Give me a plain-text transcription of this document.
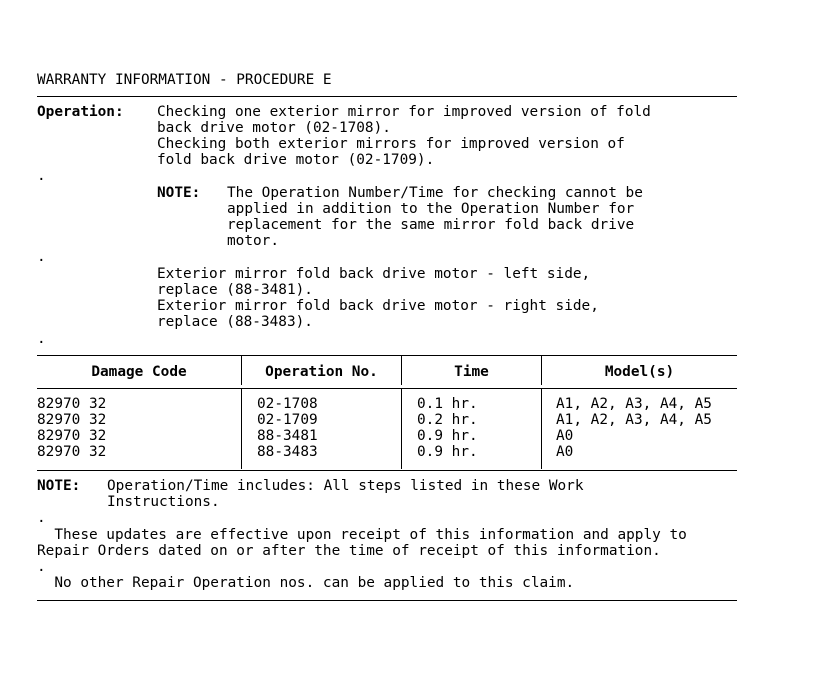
WARRANTY INFORMATION - PROCEDURE E
Operation: Checking one exterior mirror for improved version of fold
back drive motor (02-1708).
Checking both exterior mirrors for improved version of
fold back drive motor (02-1709).
.
NOTE: The Operation Number/Time for checking cannot be
applied in addition to the Operation Number for
replacement for the same mirror fold back drive
motor.
.
Exterior mirror fold back drive motor - left side,
replace (88-3481).
Exterior mirror fold back drive motor - right side,
replace (88-3483).
.
Damage Code	Operation No.	Time	Model(s)
82970 32	02-1708	0.1 hr.	A1, A2, A3, A4, A5
82970 32	02-1709	0.2 hr.	A1, A2, A3, A4, A5
82970 32	88-3481	0.9 hr.	A0
82970 32	88-3483	0.9 hr.	A0
NOTE: Operation/Time includes: All steps listed in these Work
Instructions.
.
These updates are effective upon receipt of this information and apply to
Repair Orders dated on or after the time of receipt of this information.
.
No other Repair Operation nos. can be applied to this claim.
